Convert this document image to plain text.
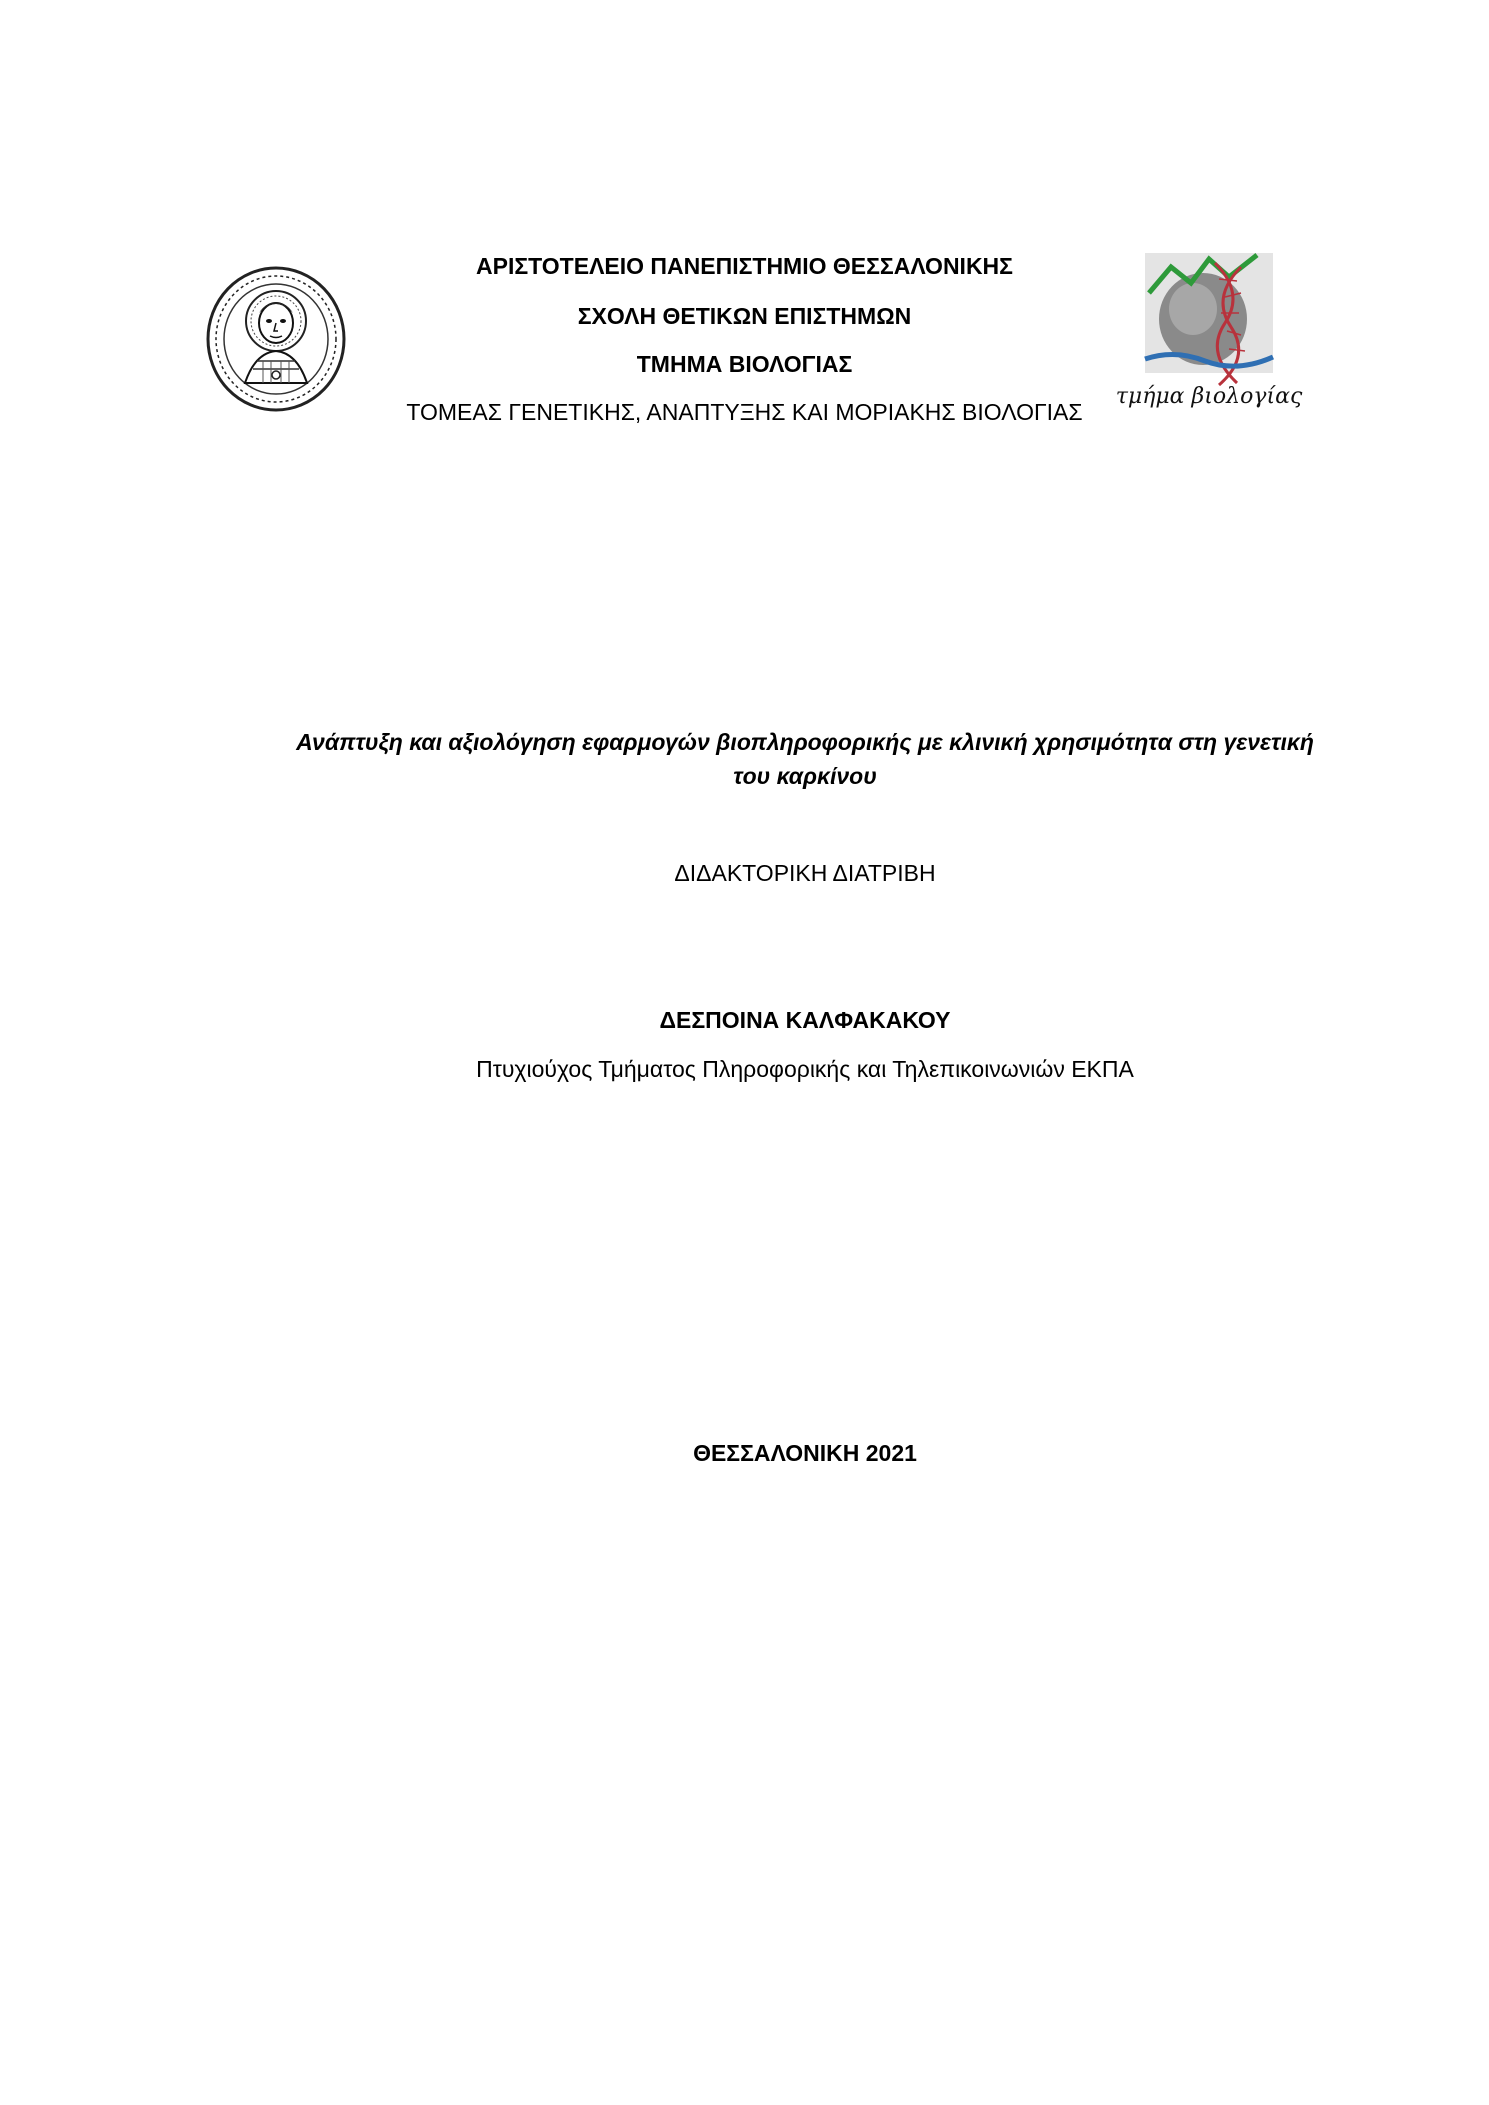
τμήμα βιολογίας
ΑΡΙΣΤΟΤΕΛΕΙΟ ΠΑΝΕΠΙΣΤΗΜΙΟ ΘΕΣΣΑΛΟΝΙΚΗΣ
ΣΧΟΛΗ ΘΕΤΙΚΩΝ ΕΠΙΣΤΗΜΩΝ
ΤΜΗΜΑ ΒΙΟΛΟΓΙΑΣ
ΤΟΜΕΑΣ ΓΕΝΕΤΙΚΗΣ, ΑΝΑΠΤΥΞΗΣ ΚΑΙ ΜΟΡΙΑΚΗΣ ΒΙΟΛΟΓΙΑΣ
Ανάπτυξη και αξιολόγηση εφαρμογών βιοπληροφορικής με κλινική χρησιμότητα στη γενετική
του καρκίνου
ΔΙΔΑΚΤΟΡΙΚΗ ΔΙΑΤΡΙΒΗ
ΔΕΣΠΟΙΝΑ ΚΑΛΦΑΚΑΚΟΥ
Πτυχιούχος Τμήματος Πληροφορικής και Τηλεπικοινωνιών ΕΚΠΑ
ΘΕΣΣΑΛΟΝΙΚΗ 2021
